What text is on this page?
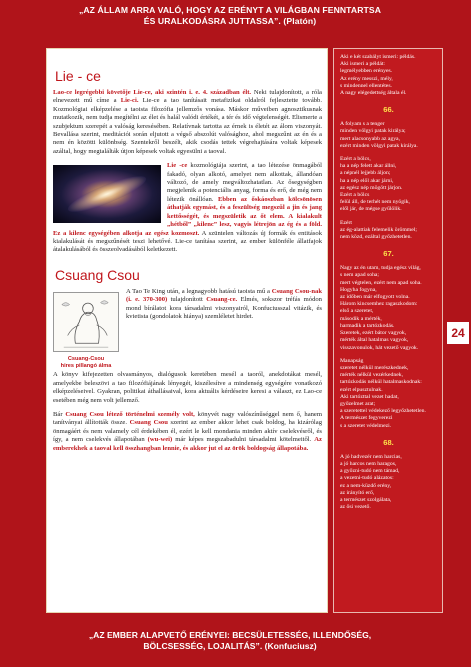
„AZ ÁLLAM ARRA VALÓ, HOGY AZ ERÉNYT A VILÁGBAN FENNTARTSA
ÉS URALKODÁSRA JUTTASSA”. (Platón)
Lie - ce

Lao-ce legrégebbi követője Lie-ce, aki szintén i. e. 4. században élt. Neki tulajdonított, a róla elnevezett mű címe a Lie-ci. Lie-ce a tao tanításait metafizikai oldalról fejlesztette tovább. Kozmológiai elképzelése a taoista filozófia jellemzős vonása. Máskor műveiben agnosztikusnak mutatkozik, nem tudja megítélni az élet és halál valódi értékét, a tér és idő végtelenségét. Elismerte a szubjektum szerepét a valóság keresésében. Relatívnak tartotta az érnek is életét az álom viszonyát. Bevallása szerint, meditációi során eljutott a végső abszolút valósághoz, ahol megszűnt az én és a nem én közötti különbség. Szentekről beszélt, akik csodás tettek végrehajtására voltak képesek azáltal, hogy megtalálták útjon képesek voltak egyesülni a taoval.

Lie -ce kozmológiája szerint, a tao létezése önmagából fakadó, olyan alkotó, amelyet nem alkottak, állandóan változó, de amely megváltozhatatlan. Az ősegységben megjelenik a potenciális anyag, forma és erő, de még nem létezik önállóan. Ebben az őskáoszban kölcsönösen áthatják egymást, és a feszültség megszűl a jin és jang kettősségét, és megszületik az őt elem. A kialakult „hétből” „kilenc” lesz, vagyis létrejön az ég és a föld. Ez a kilenc egységében alkotja az egész kozmoszt. A szüntelen változás új formák és entitások kialakulását és megszűnését teszi lehetővé. Lie-ce tanítása szerint, az ember különféle állatfajok átalakulásából és összeolvadásából keletkezett.

Csuang Csou
Csuang-Csou
hires pillangó álma

A Tao Te King után, a legnagyobb hatású taoista mű a Csuang Csou-nak (i. e. 370-300) tulajdonított Csuang-ce. Elmés, sokszor tréfás módon mond bírálatot kora társadalmi viszonyairól, Konfuciusszal vitázik, és kvietista (gondolatok hiánya) szemléletet hirdet.

A könyv kifejezetten olvasmányos, dialógusok keretében mesél a taoról, anekdotákat mesél, amelyekbe beleszövi a tao filozófiájának lényegét, kiszélesítve a mindenség egységére vonatkozó elképzeléseivel. Gyakran, politikai áthallásaival, kora aktuális kérdéseire keresi a választ, ez Lao-ce esetében még nem volt jellemző.

Bár Csuang Csou létező történelmi személy volt, könyvét nagy valószínűséggel nem ő, hanem tanítványai állították össze. Csuang Csou szerint az ember akkor lehet csak boldog, ha kizárólag önmagáért és nem valamely cél érdekében él, ezért le kell mondania minden aktív cselekvésről, és így, a nem cselekvés állapotában (wu-wei) már képes megszabadulni társadalmi kötelmeitől. Az emberekhek a taoval kell összhangban lennie, és akkor jut el az örök boldogság állapotába.

Aki e két szabályt ismeri: példás.
Aki ismeri a példát:
legmélyebben erényes.
Az erény messzi, mély,
s mindennel ellentétes.
A nagy elégedettség általa él.
66.
A folyam s a tenger
minden völgyi patak királya;
mert alacsonyabb az agya,
ezért minden völgyi patak királya.
Ezért a bölcs,
ha a nép felett akar állni,
a népnél lejjebb áljon;
ha a nép elől akar járni,
az egész nép mögött járjon.
Ezért a bölcs
felül áll, de terhét nem nyögik,
elől jár, de mégse gyűlölik.
Ezért
az ég-alattiak felemelik örömmel;
nem közd, ezáltal győzhetetlen.
67.
Nagy az én utam, tudja egész világ,
s nem apad soha;
mert végtelen, ezért nem apad soha.
Hogyha fogyna,
az időben már elfogyott volna.
Három kincsemhez ragaszkodom:
első a szeretet,
második a mérték,
harmadik a tartózkodás.
Szeretek, ezért bátor vagyok,
mérték által hatalmas vagyok,
visszavonulok, hát vezető vagyok.
Manapság
szeretet nélkül merészkednek,
mérték nélkül vezérkednek,
tartózkodás nélkül hatalmaskodnak:
ezért elpusztulnak.
Aki tartózttal vezet hadat,
győzelmet arat;
a szeretettel védekező legyőzhetetlen.
A természet fegyverezi
s a szeretet védelmezi.
68.
A jó hadvezér nem harcias,
a jó harcos nem haragos,
a győzni-tudó nem támad,
a vezetni-tudó alázatos:
ez a nem-küzdő erény,
az irányító erő,
a természet szolgálata,
az ősi vezető.
24
„AZ EMBER ALAPVETŐ ERÉNYEI: BECSÜLETESSÉG, ILLENDŐSÉG,
BÖLCSESSÉG, LOJALITÁS”. (Konfuciusz)
